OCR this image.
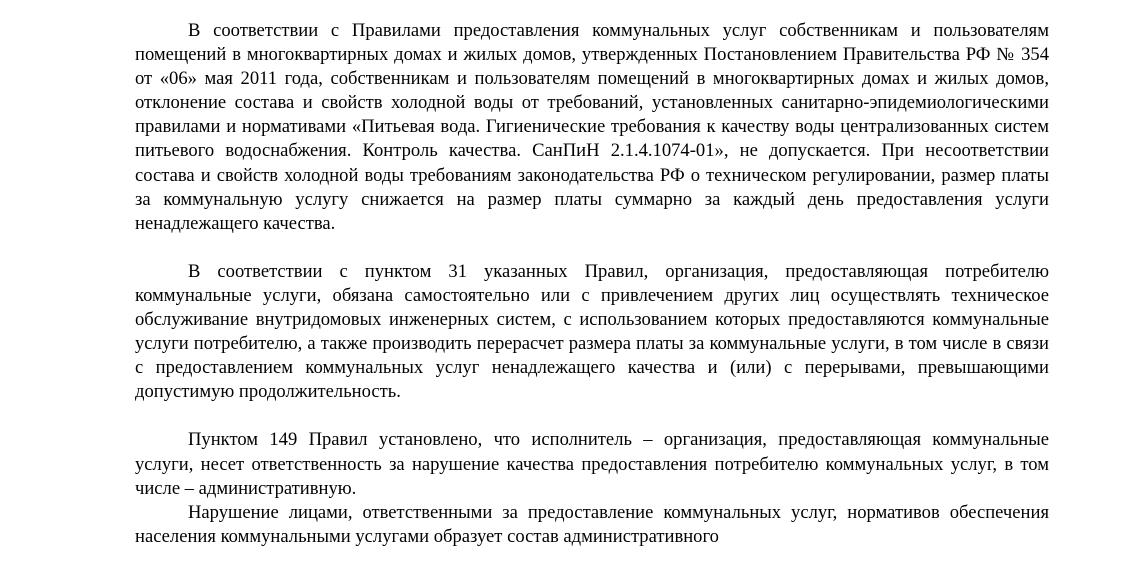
В соответствии с Правилами предоставления коммунальных услуг собственникам и пользователям помещений в многоквартирных домах и жилых домов, утвержденных Постановлением Правительства РФ № 354 от «06» мая 2011 года, собственникам и пользователям помещений в многоквартирных домах и жилых домов, отклонение состава и свойств холодной воды от требований, установленных санитарно-эпидемиологическими правилами и нормативами «Питьевая вода. Гигиенические требования к качеству воды централизованных систем питьевого водоснабжения. Контроль качества. СанПиН 2.1.4.1074-01», не допускается. При несоответствии состава и свойств холодной воды требованиям законодательства РФ о техническом регулировании, размер платы за коммунальную услугу снижается на размер платы суммарно за каждый день предоставления услуги ненадлежащего качества.

В соответствии с пунктом 31 указанных Правил, организация, предоставляющая потребителю коммунальные услуги, обязана самостоятельно или с привлечением других лиц осуществлять техническое обслуживание внутридомовых инженерных систем, с использованием которых предоставляются коммунальные услуги потребителю, а также производить перерасчет размера платы за коммунальные услуги, в том числе в связи с предоставлением коммунальных услуг ненадлежащего качества и (или) с перерывами, превышающими допустимую продолжительность.

Пунктом 149 Правил установлено, что исполнитель – организация, предоставляющая коммунальные услуги, несет ответственность за нарушение качества предоставления потребителю коммунальных услуг, в том числе – административную.

Нарушение лицами, ответственными за предоставление коммунальных услуг, нормативов обеспечения населения коммунальными услугами образует состав административного
